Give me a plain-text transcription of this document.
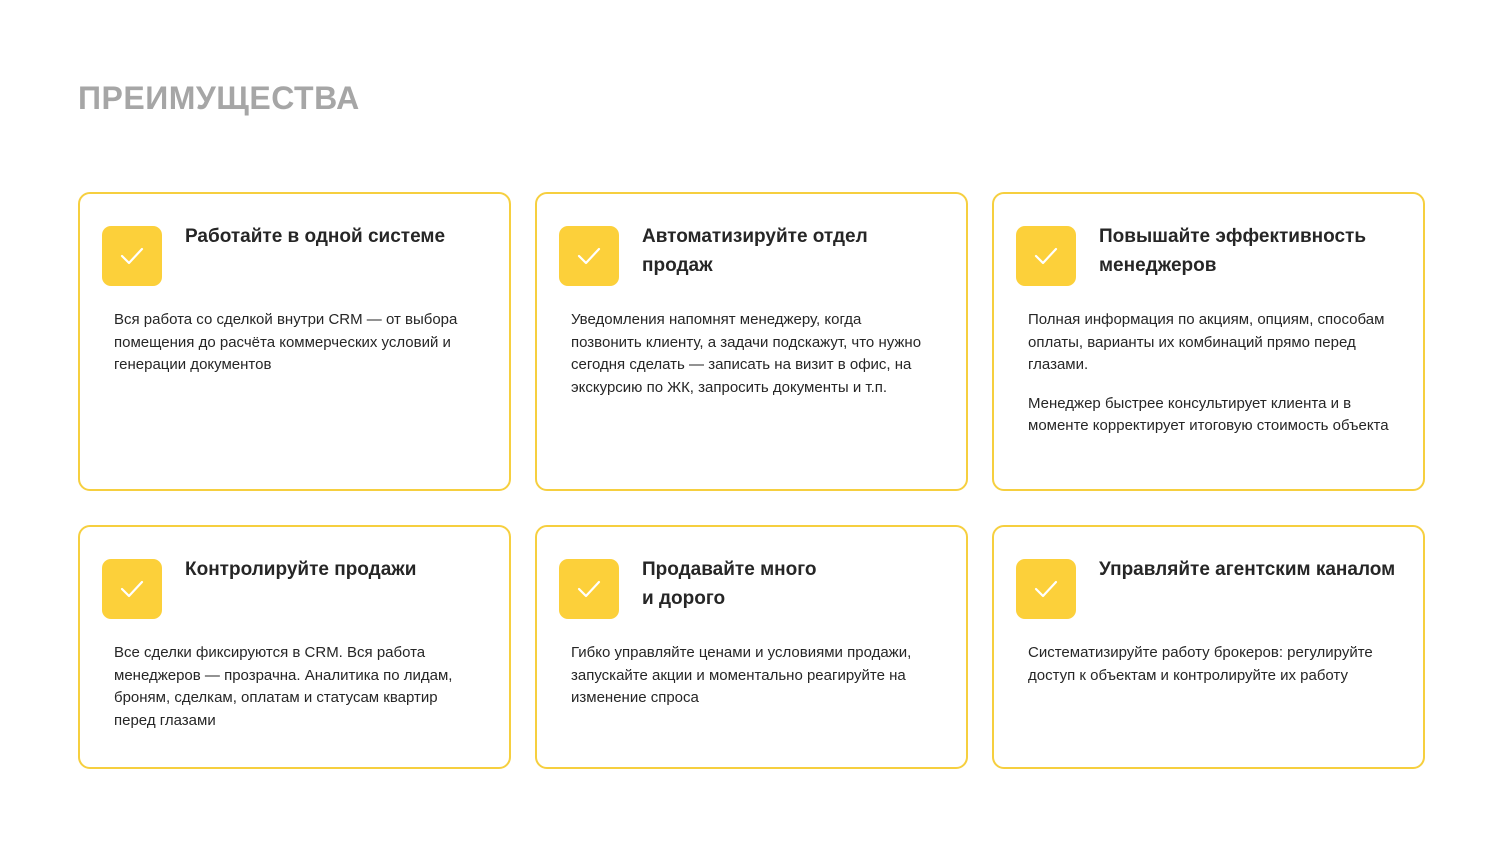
ПРЕИМУЩЕСТВА
Работайте в одной системе

Вся работа со сделкой внутри CRM — от выбора помещения до расчёта коммерческих условий и генерации документов

Автоматизируйте отдел
продаж

Уведомления напомнят менеджеру, когда позвонить клиенту, а задачи подскажут, что нужно сегодня сделать — записать на визит в офис, на экскурсию по ЖК, запросить документы и т.п.

Повышайте эффективность
менеджеров

Полная информация по акциям, опциям, способам оплаты, варианты их комбинаций прямо перед глазами.

Менеджер быстрее консультирует клиента и в моменте корректирует итоговую стоимость объекта

Контролируйте продажи

Все сделки фиксируются в CRM. Вся работа менеджеров — прозрачна. Аналитика по лидам, броням, сделкам, оплатам и статусам квартир перед глазами

Продавайте много
и дорого

Гибко управляйте ценами и условиями продажи, запускайте акции и моментально реагируйте на изменение спроса

Управляйте агентским каналом

Систематизируйте работу брокеров: регулируйте доступ к объектам и контролируйте их работу
